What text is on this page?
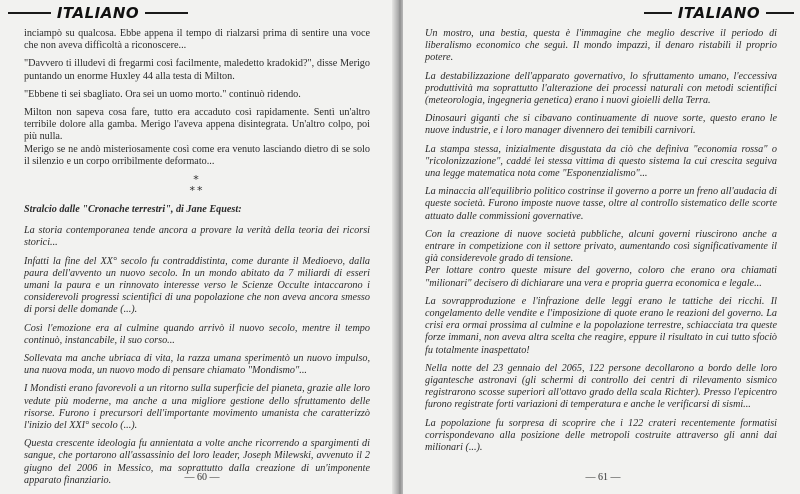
ITALIANO

inciampò su qualcosa. Ebbe appena il tempo di rialzarsi prima di sentire una voce che non aveva difficoltà a riconoscere...

"Davvero ti illudevi di fregarmi così facilmente, maledetto kradokid?", disse Merigo puntando un enorme Huxley 44 alla testa di Milton.

"Ebbene ti sei sbagliato. Ora sei un uomo morto." continuò ridendo.

Milton non sapeva cosa fare, tutto era accaduto così rapidamente. Sentì un'altro terribile dolore alla gamba. Merigo l'aveva appena disintegrata. Un'altro colpo, poi più nulla.

Merigo se ne andò misteriosamente così come era venuto lasciando dietro di se solo il silenzio e un corpo orribilmente deformato...

*
**

Stralcio dalle "Cronache terrestri", di Jane Equest:

La storia contemporanea tende ancora a provare la verità della teoria dei ricorsi storici...

Infatti la fine del XX° secolo fu contraddistinta, come durante il Medioevo, dalla paura dell'avvento un nuovo secolo. In un mondo abitato da 7 miliardi di esseri umani la paura e un rinnovato interesse verso le Scienze Occulte intaccarono i considerevoli progressi scientifici di una popolazione che non aveva ancora smesso di porsi delle domande (...).

Così l'emozione era al culmine quando arrivò il nuovo secolo, mentre il tempo continuò, instancabile, il suo corso...

Sollevata ma anche ubriaca di vita, la razza umana sperimentò un nuovo impulso, una nuova moda, un nuovo modo di pensare chiamato "Mondismo"...

I Mondisti erano favorevoli a un ritorno sulla superficie del pianeta, grazie alle loro vedute più moderne, ma anche a una migliore gestione dello sfruttamento delle risorse. Furono i precursori dell'importante movimento umanista che caratterizzò l'inizio del XXI° secolo (...).

Questa crescente ideologia fu annientata a volte anche ricorrendo a spargimenti di sangue, che portarono all'assassinio del loro leader, Joseph Milewski, avvenuto il 2 giugno del 2006 in Messico, ma soprattutto dalla creazione di un'imponente apparato finanziario.	— 60 —
ITALIANO

Un mostro, una bestia, questa è l'immagine che meglio descrive il periodo di liberalismo economico che seguì. Il mondo impazzì, il denaro ristabilì il proprio potere.

La destabilizzazione dell'apparato governativo, lo sfruttamento umano, l'eccessiva produttività ma soprattutto l'alterazione dei processi naturali con metodi scientifici (meteorologia, ingegneria genetica) erano i nuovi gioielli della Terra.

Dinosauri giganti che si cibavano continuamente di nuove sorte, questo erano le nuove industrie, e i loro manager divennero dei temibili carnivori.

La stampa stessa, inizialmente disgustata da ciò che definiva "economia rossa" o "ricolonizzazione", caddé lei stessa vittima di questo sistema la cui crescita seguiva una legge matematica nota come "Esponenzialismo"...

La minaccia all'equilibrio politico costrinse il governo a porre un freno all'audacia di queste società. Furono imposte nuove tasse, oltre al controllo sistematico delle scorte attuato dalle commissioni governative.

Con la creazione di nuove società pubbliche, alcuni governi riuscirono anche a entrare in competizione con il settore privato, aumentando così significativamente il già considerevole grado di tensione.

Per lottare contro queste misure del governo, coloro che erano ora chiamati "milionari" decisero di dichiarare una vera e propria guerra economica e legale...

La sovrapproduzione e l'infrazione delle leggi erano le tattiche dei ricchi. Il congelamento delle vendite e l'imposizione di quote erano le reazioni del governo. La crisi era ormai prossima al culmine e la popolazione terrestre, schiacciata tra queste forze immani, non aveva altra scelta che reagire, eppure il risultato in cui tutto sfociò fu totalmente inaspettato!

Nella notte del 23 gennaio del 2065, 122 persone decollarono a bordo delle loro gigantesche astronavi (gli schermi di controllo dei centri di rilevamento sismico registrarono scosse superiori all'ottavo grado della scala Richter). Presso l'epicentro furono registrate forti variazioni di temperatura e anche le verificarsi di sismi...

La popolazione fu sorpresa di scoprire che i 122 crateri recentemente formatisi corrispondevano alla posizione delle metropoli costruite attraverso gli anni dai milionari (...).

— 61 —
